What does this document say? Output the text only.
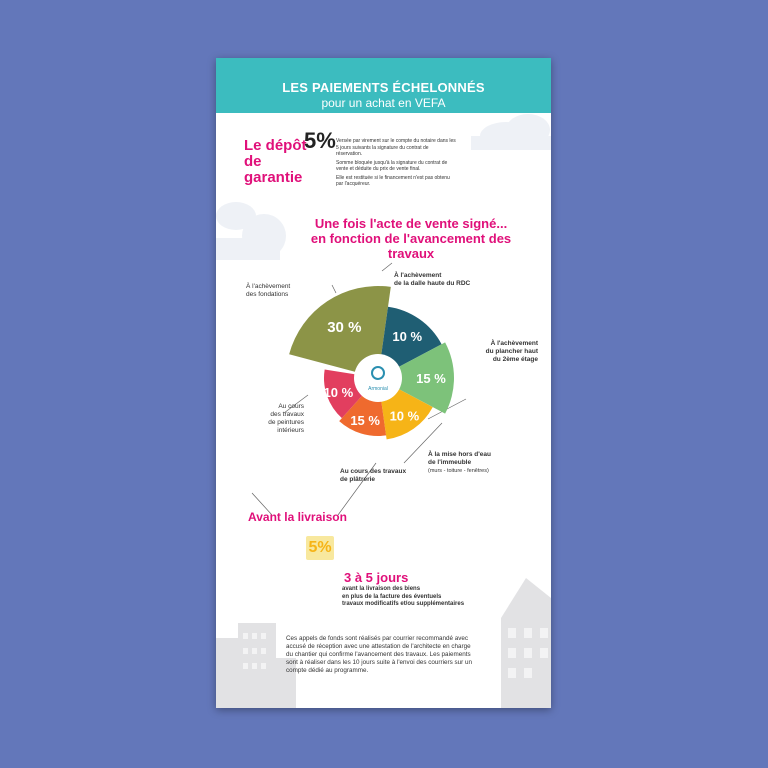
LES PAIEMENTS ÉCHELONNÉS
pour un achat en VEFA
Le dépôt
de garantie
5% Versée par virement sur le compte du notaire dans les 5 jours suivants la signature du contrat de réservation.

Somme bloquée jusqu'à la signature du contrat de vente et déduite du prix de vente final.

Elle est restituée si le financement n'est pas obtenu par l'acquéreur.

Une fois l'acte de vente signé...
en fonction de l'avancement des travaux
Armonial
30 %
10 %
15 %
10 %
15 %
10 %
À l'achèvement
des fondations
À l'achèvement
de la dalle haute du RDC
À l'achèvement
du plancher haut
du 2ème étage
Au cours
des travaux
de peintures
intérieurs
Au cours des travaux
de plâtrerie
À la mise hors d'eau
de l'immeuble
(murs - toiture - fenêtres)
Avant la livraison
5%
3 à 5 jours
avant la livraison des biens
en plus de la facture des éventuels
travaux modificatifs et/ou supplémentaires
Ces appels de fonds sont réalisés par courrier recommandé avec accusé de réception avec une attestation de l'architecte en charge du chantier qui confirme l'avancement des travaux. Les paiements sont à réaliser dans les 10 jours suite à l'envoi des courriers sur un compte dédié au programme.
